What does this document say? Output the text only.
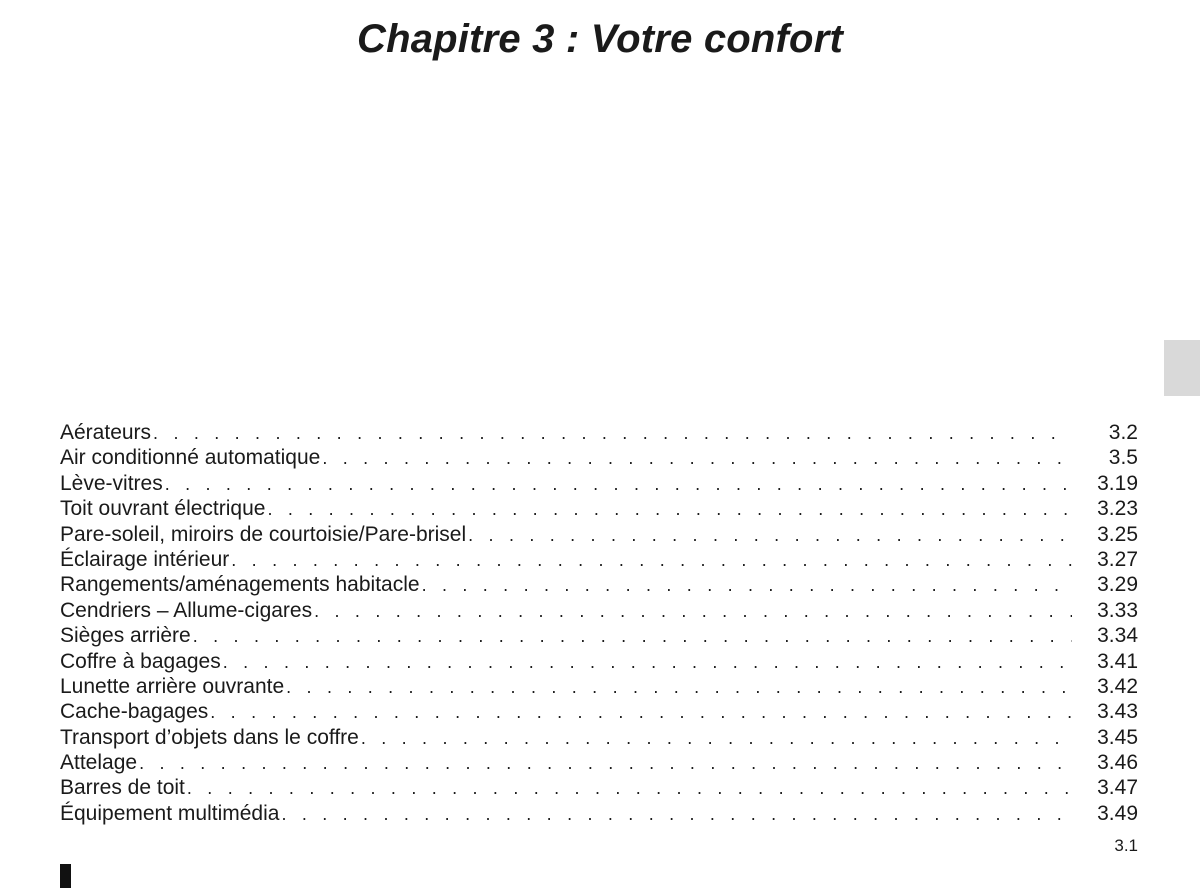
Chapitre 3 : Votre confort
Aérateurs . . .	3.2
Air conditionné automatique . . .	3.5
Lève-vitres . . .	3.19
Toit ouvrant électrique . . .	3.23
Pare-soleil, miroirs de courtoisie/Pare-brisel . . .	3.25
Éclairage intérieur . . .	3.27
Rangements/aménagements habitacle . . .	3.29
Cendriers – Allume-cigares . . .	3.33
Sièges arrière . . .	3.34
Coffre à bagages . . .	3.41
Lunette arrière ouvrante . . .	3.42
Cache-bagages . . .	3.43
Transport d’objets dans le coffre . . .	3.45
Attelage . . .	3.46
Barres de toit . . .	3.47
Équipement multimédia . . .	3.49
3.1
